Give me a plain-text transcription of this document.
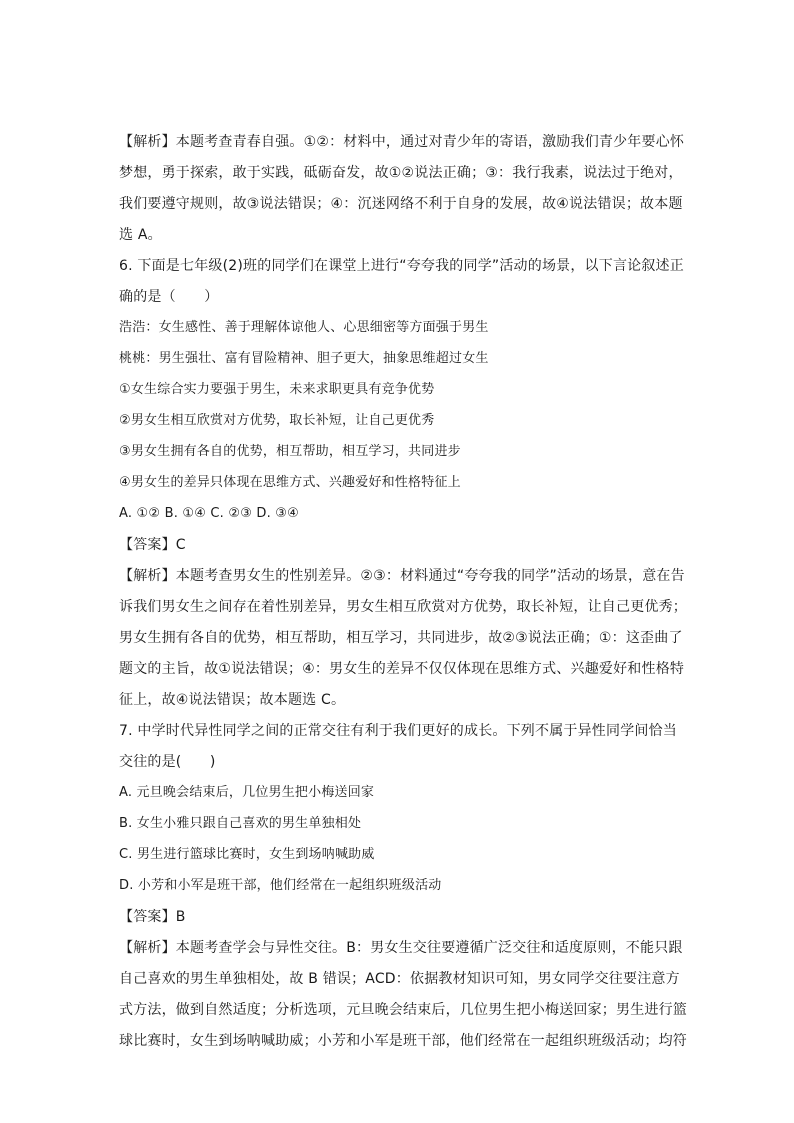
【解析】本题考查青春自强。①②：材料中，通过对青少年的寄语，激励我们青少年要心怀
梦想，勇于探索，敢于实践，砥砺奋发，故①②说法正确；③：我行我素，说法过于绝对，
我们要遵守规则，故③说法错误；④：沉迷网络不利于自身的发展，故④说法错误；故本题
选 A。
6. 下面是七年级(2)班的同学们在课堂上进行“夸夸我的同学”活动的场景，以下言论叙述正
确的是（　　）
浩浩：女生感性、善于理解体谅他人、心思细密等方面强于男生
桃桃：男生强壮、富有冒险精神、胆子更大，抽象思维超过女生
①女生综合实力要强于男生，未来求职更具有竞争优势
②男女生相互欣赏对方优势，取长补短，让自己更优秀
③男女生拥有各自的优势，相互帮助，相互学习，共同进步
④男女生的差异只体现在思维方式、兴趣爱好和性格特征上
A. ①② B. ①④ C. ②③ D. ③④
【答案】C
【解析】本题考查男女生的性别差异。②③：材料通过“夸夸我的同学”活动的场景，意在告
诉我们男女生之间存在着性别差异，男女生相互欣赏对方优势，取长补短，让自己更优秀；
男女生拥有各自的优势，相互帮助，相互学习，共同进步，故②③说法正确；①：这歪曲了
题文的主旨，故①说法错误；④：男女生的差异不仅仅体现在思维方式、兴趣爱好和性格特
征上，故④说法错误；故本题选 C。
7. 中学时代异性同学之间的正常交往有利于我们更好的成长。下列不属于异性同学间恰当
交往的是(　　)
A. 元旦晚会结束后，几位男生把小梅送回家
B. 女生小雅只跟自己喜欢的男生单独相处
C. 男生进行篮球比赛时，女生到场呐喊助威
D. 小芳和小军是班干部，他们经常在一起组织班级活动
【答案】B
【解析】本题考查学会与异性交往。B：男女生交往要遵循广泛交往和适度原则，不能只跟
自己喜欢的男生单独相处，故 B 错误；ACD：依据教材知识可知，男女同学交往要注意方
式方法，做到自然适度；分析选项，元旦晚会结束后，几位男生把小梅送回家；男生进行篮
球比赛时，女生到场呐喊助威；小芳和小军是班干部，他们经常在一起组织班级活动；均符
